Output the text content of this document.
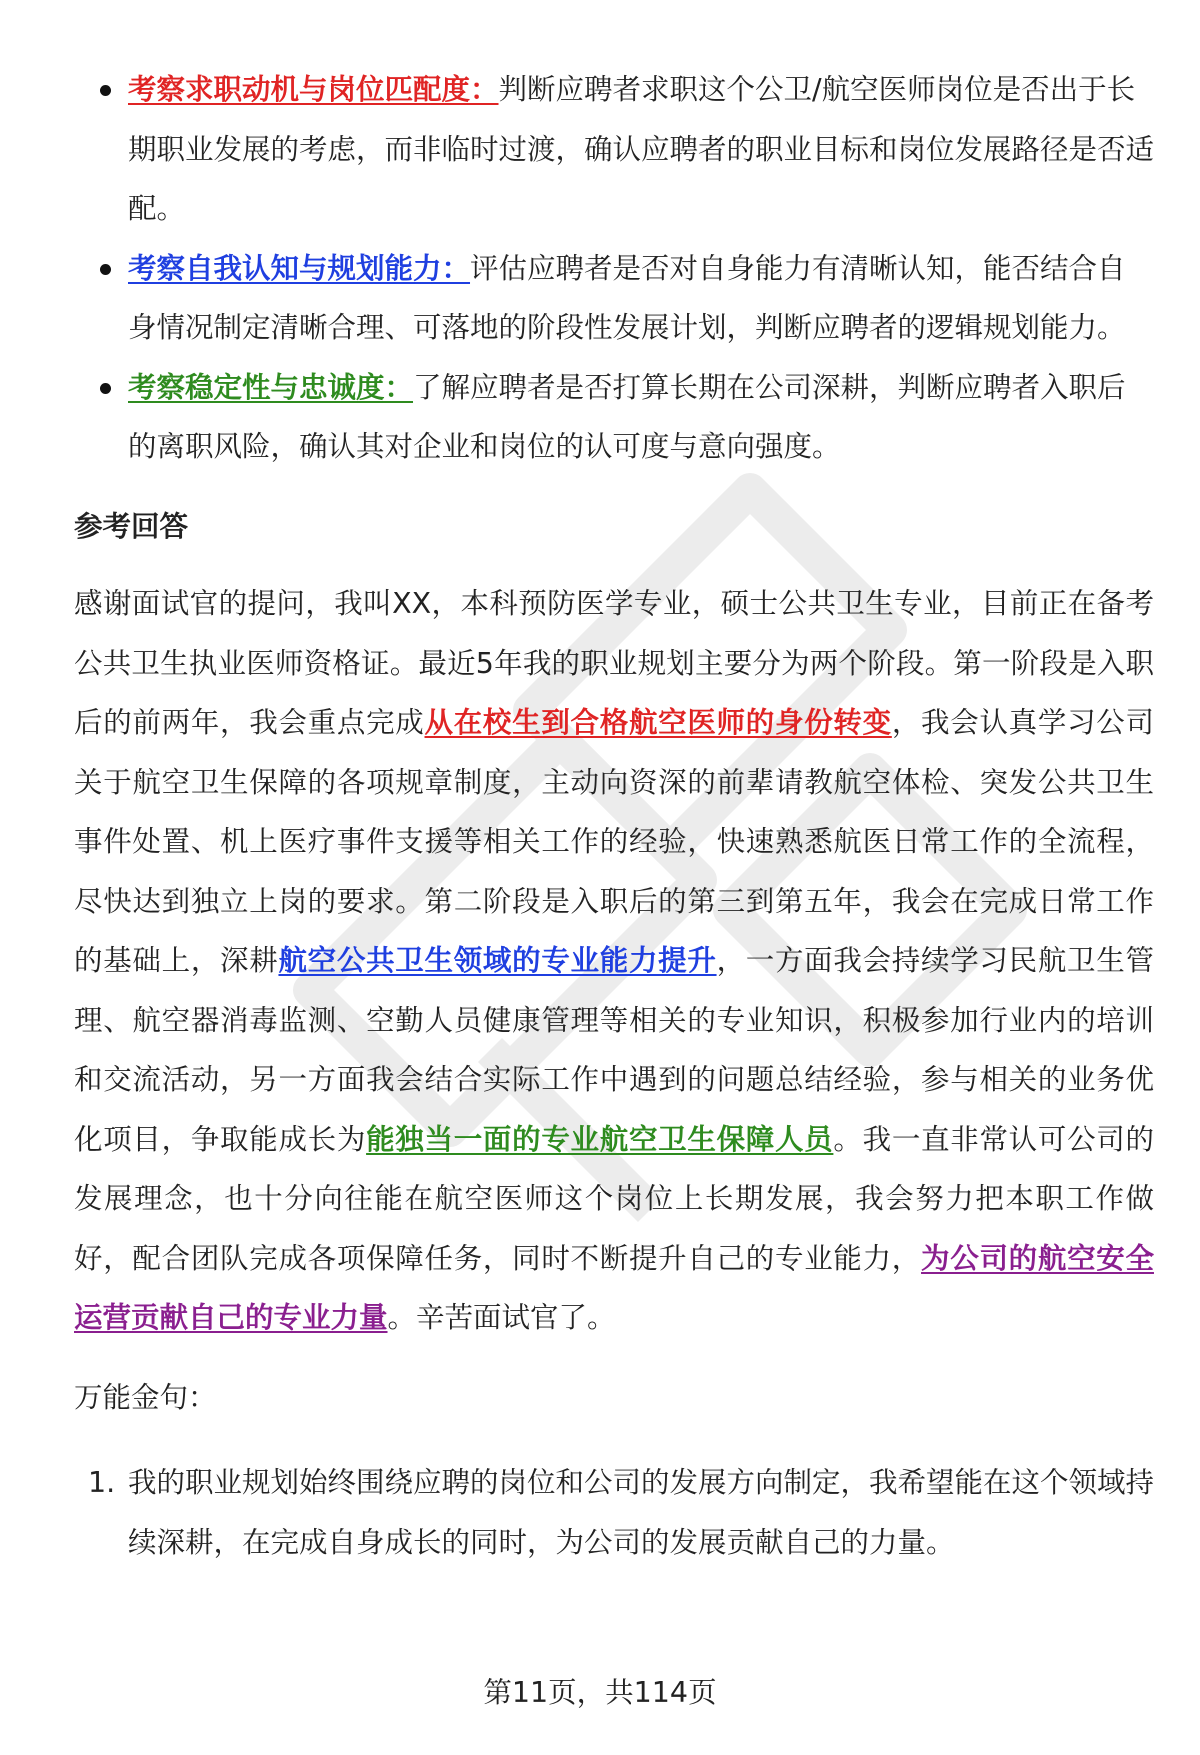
考察求职动机与岗位匹配度：判断应聘者求职这个公卫/航空医师岗位是否出于长期职业发展的考虑，而非临时过渡，确认应聘者的职业目标和岗位发展路径是否适配。
考察自我认知与规划能力：评估应聘者是否对自身能力有清晰认知，能否结合自身情况制定清晰合理、可落地的阶段性发展计划，判断应聘者的逻辑规划能力。
考察稳定性与忠诚度：了解应聘者是否打算长期在公司深耕，判断应聘者入职后的离职风险，确认其对企业和岗位的认可度与意向强度。
参考回答

感谢面试官的提问，我叫XX，本科预防医学专业，硕士公共卫生专业，目前正在备考公共卫生执业医师资格证。最近5年我的职业规划主要分为两个阶段。第一阶段是入职后的前两年，我会重点完成从在校生到合格航空医师的身份转变，我会认真学习公司关于航空卫生保障的各项规章制度，主动向资深的前辈请教航空体检、突发公共卫生事件处置、机上医疗事件支援等相关工作的经验，快速熟悉航医日常工作的全流程，尽快达到独立上岗的要求。第二阶段是入职后的第三到第五年，我会在完成日常工作的基础上，深耕航空公共卫生领域的专业能力提升，一方面我会持续学习民航卫生管理、航空器消毒监测、空勤人员健康管理等相关的专业知识，积极参加行业内的培训和交流活动，另一方面我会结合实际工作中遇到的问题总结经验，参与相关的业务优化项目，争取能成长为能独当一面的专业航空卫生保障人员。我一直非常认可公司的发展理念，也十分向往能在航空医师这个岗位上长期发展，我会努力把本职工作做好，配合团队完成各项保障任务，同时不断提升自己的专业能力，为公司的航空安全运营贡献自己的专业力量。辛苦面试官了。

万能金句：
1. 我的职业规划始终围绕应聘的岗位和公司的发展方向制定，我希望能在这个领域持续深耕，在完成自身成长的同时，为公司的发展贡献自己的力量。
第11页，共114页
